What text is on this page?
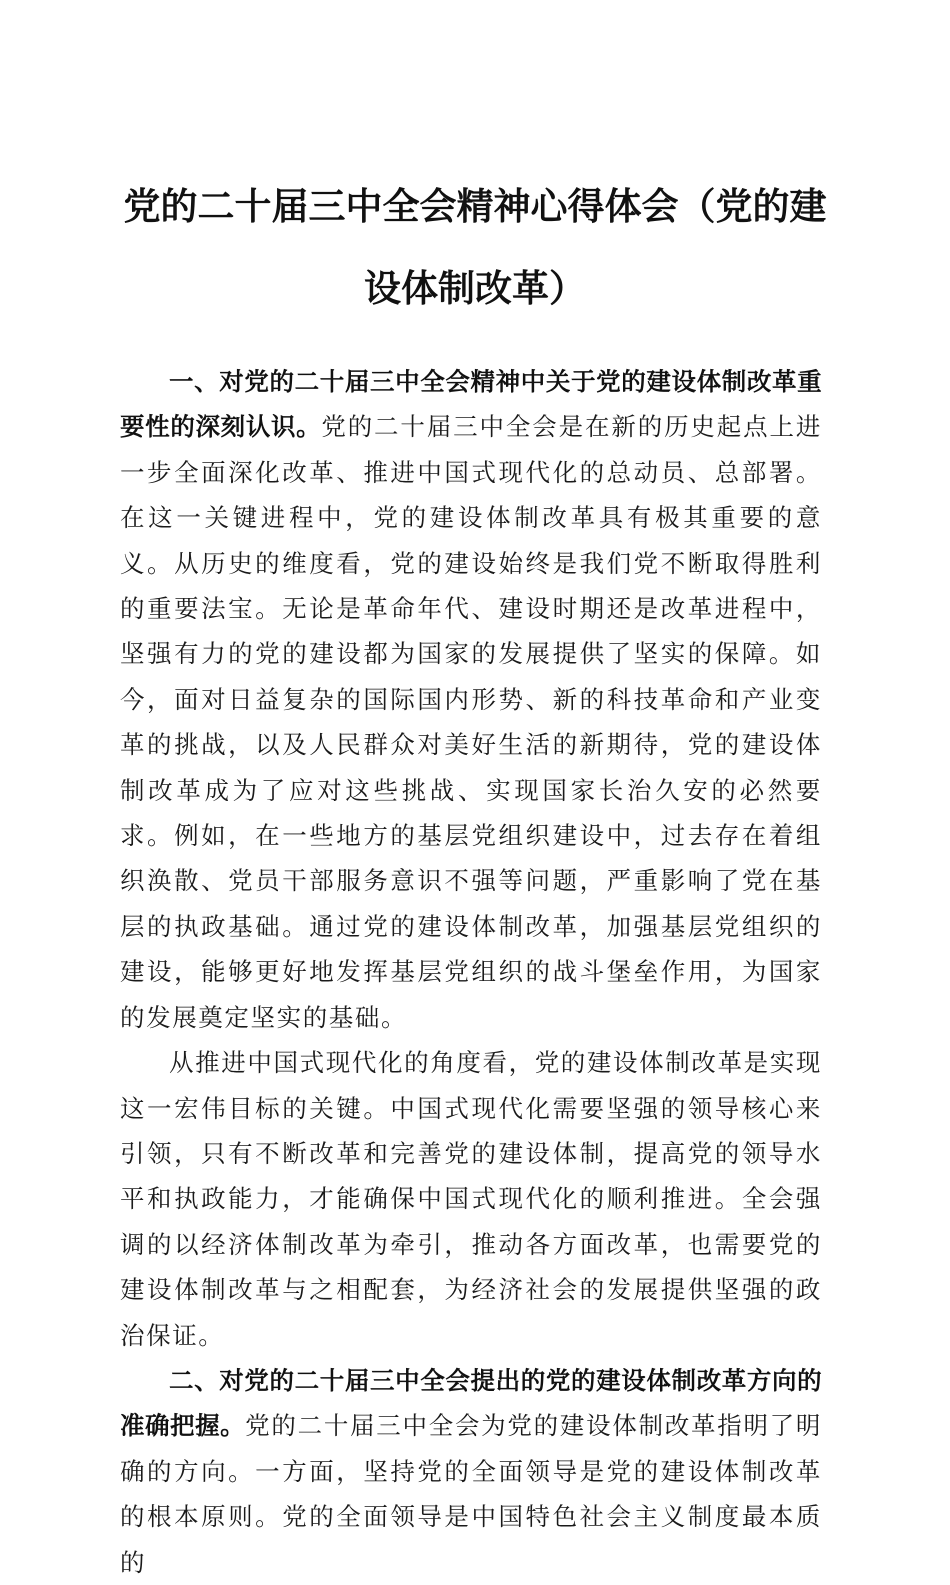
党的二十届三中全会精神心得体会（党的建设体制改革）

一、对党的二十届三中全会精神中关于党的建设体制改革重要性的深刻认识。党的二十届三中全会是在新的历史起点上进一步全面深化改革、推进中国式现代化的总动员、总部署。在这一关键进程中，党的建设体制改革具有极其重要的意义。从历史的维度看，党的建设始终是我们党不断取得胜利的重要法宝。无论是革命年代、建设时期还是改革进程中，坚强有力的党的建设都为国家的发展提供了坚实的保障。如今，面对日益复杂的国际国内形势、新的科技革命和产业变革的挑战，以及人民群众对美好生活的新期待，党的建设体制改革成为了应对这些挑战、实现国家长治久安的必然要求。例如，在一些地方的基层党组织建设中，过去存在着组织涣散、党员干部服务意识不强等问题，严重影响了党在基层的执政基础。通过党的建设体制改革，加强基层党组织的建设，能够更好地发挥基层党组织的战斗堡垒作用，为国家的发展奠定坚实的基础。

从推进中国式现代化的角度看，党的建设体制改革是实现这一宏伟目标的关键。中国式现代化需要坚强的领导核心来引领，只有不断改革和完善党的建设体制，提高党的领导水平和执政能力，才能确保中国式现代化的顺利推进。全会强调的以经济体制改革为牵引，推动各方面改革，也需要党的建设体制改革与之相配套，为经济社会的发展提供坚强的政治保证。

二、对党的二十届三中全会提出的党的建设体制改革方向的准确把握。党的二十届三中全会为党的建设体制改革指明了明确的方向。一方面，坚持党的全面领导是党的建设体制改革的根本原则。党的全面领导是中国特色社会主义制度最本质的
